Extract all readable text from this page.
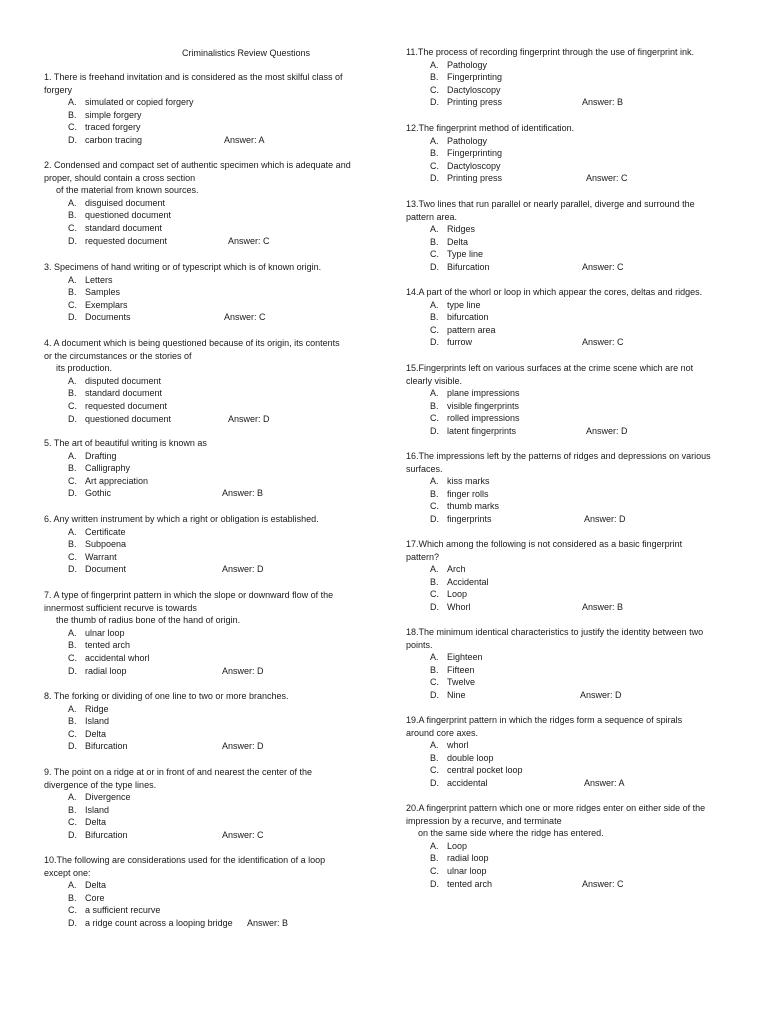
Criminalistics Review Questions

1. There is freehand invitation and is considered as the most skilful class of
forgery

A. simulated or copied forgery
B. simple forgery
C. traced forgery
D. carbon tracing	Answer: A

2. Condensed and compact set of authentic specimen which is adequate and
proper, should contain a cross section
of the material from known sources.

A. disguised document
B. questioned document
C. standard document
D. requested document	Answer: C

3. Specimens of hand writing or of typescript which is of known origin.

A. Letters
B. Samples
C. Exemplars
D. Documents	Answer: C

4. A document which is being questioned because of its origin, its contents
or the circumstances or the stories of
its production.

A. disputed document
B. standard document
C. requested document
D. questioned document	Answer: D

5. The art of beautiful writing is known as

A. Drafting
B. Calligraphy
C. Art appreciation
D. Gothic	Answer: B

6. Any written instrument by which a right or obligation is established.

A. Certificate
B. Subpoena
C. Warrant
D. Document	Answer: D

7. A type of fingerprint pattern in which the slope or downward flow of the
innermost sufficient recurve is towards
the thumb of radius bone of the hand of origin.

A. ulnar loop
B. tented arch
C. accidental whorl
D. radial loop	Answer: D

8. The forking or dividing of one line to two or more branches.

A. Ridge
B. Island
C. Delta
D. Bifurcation	Answer: D

9. The point on a ridge at or in front of and nearest the center of the
divergence of the type lines.

A. Divergence
B. Island
C. Delta
D. Bifurcation	Answer: C

10.The following are considerations used for the identification of a loop
except one:

A. Delta
B. Core
C. a sufficient recurve
D. a ridge count across a looping bridge Answer: B

11.The process of recording fingerprint through the use of fingerprint ink.

A. Pathology
B. Fingerprinting
C. Dactyloscopy
D. Printing press	Answer: B

12.The fingerprint method of identification.

A. Pathology
B. Fingerprinting
C. Dactyloscopy
D. Printing press	Answer: C

13.Two lines that run parallel or nearly parallel, diverge and surround the
pattern area.

A. Ridges
B. Delta
C. Type line
D. Bifurcation	Answer: C

14.A part of the whorl or loop in which appear the cores, deltas and ridges.

A. type line
B. bifurcation
C. pattern area
D. furrow	Answer: C

15.Fingerprints left on various surfaces at the crime scene which are not
clearly visible.

A. plane impressions
B. visible fingerprints
C. rolled impressions
D. latent fingerprints	Answer: D

16.The impressions left by the patterns of ridges and depressions on various
surfaces.

A. kiss marks
B. finger rolls
C. thumb marks
D. fingerprints	Answer: D

17.Which among the following is not considered as a basic fingerprint
pattern?

A. Arch
B. Accidental
C. Loop
D. Whorl	Answer: B

18.The minimum identical characteristics to justify the identity between two
points.

A. Eighteen
B. Fifteen
C. Twelve
D. Nine	Answer: D

19.A fingerprint pattern in which the ridges form a sequence of spirals
around core axes.

A. whorl
B. double loop
C. central pocket loop
D. accidental	Answer: A

20.A fingerprint pattern which one or more ridges enter on either side of the
impression by a recurve, and terminate
on the same side where the ridge has entered.

A. Loop
B. radial loop
C. ulnar loop
D. tented arch	Answer: C
